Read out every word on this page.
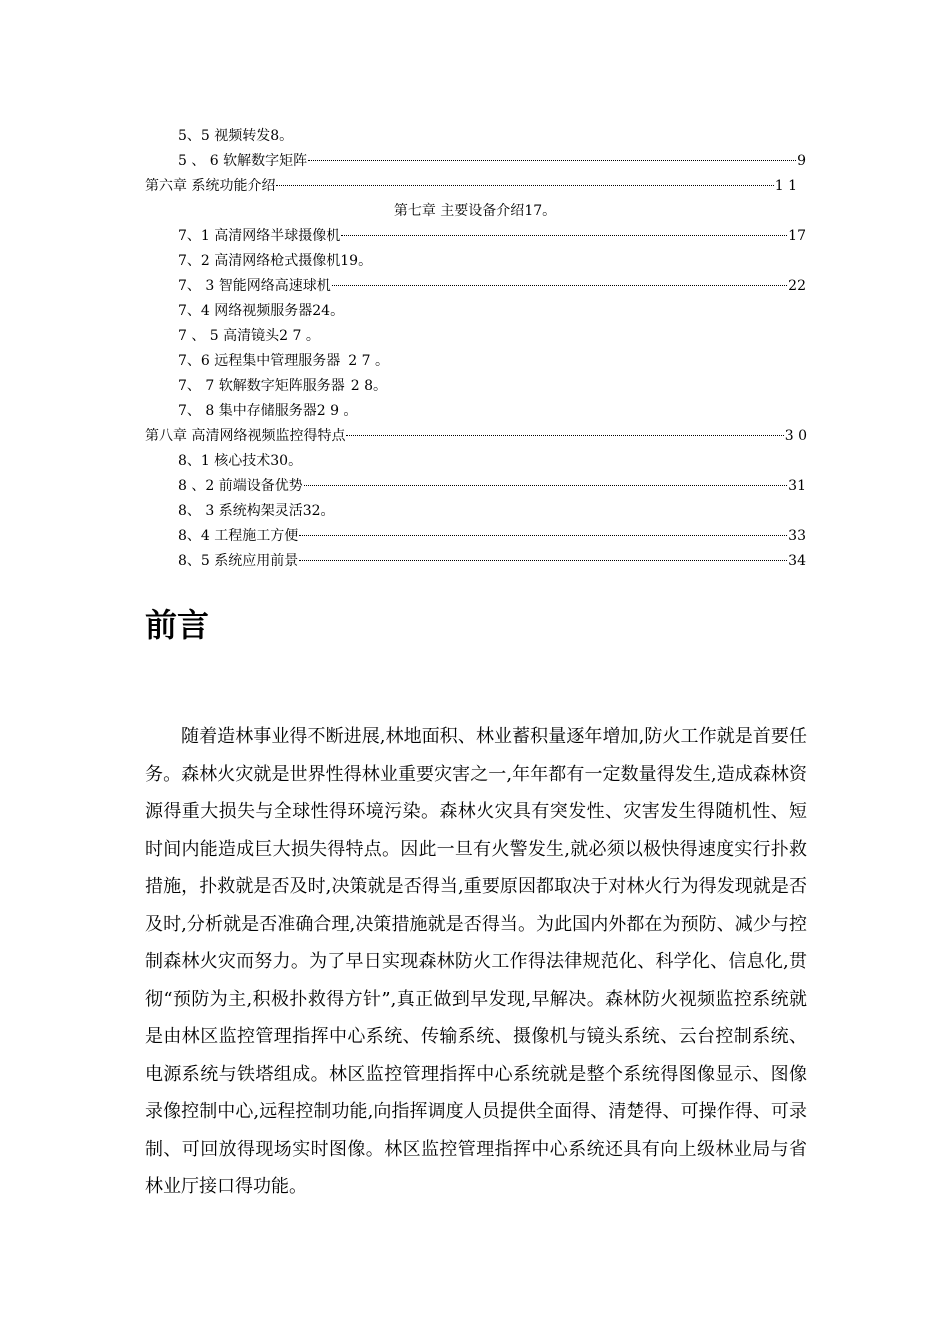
5、5 视频转发 8。
5 、 6 软解数字矩阵	9
第六章 系统功能介绍	1 1
第七章 主要设备介绍 17。
7、1 高清网络半球摄像机	17
7、2 高清网络枪式摄像机 19。
7、 3 智能网络高速球机	22
7、4 网络视频服务器 24。
7 、 5 高清镜头 2 7 。
7、6 远程集中管理服务器 2 7 。
7、 7 软解数字矩阵服务器 2 8。
7、 8 集中存储服务器 2 9 。
第八章 高清网络视频监控得特点	3 0
8、1 核心技术 30。
8 、2 前端设备优势	31
8、 3 系统构架灵活 32。
8、4 工程施工方便	33
8、5 系统应用前景	34
前言

随着造林事业得不断进展,林地面积、林业蓄积量逐年增加,防火工作就是首要任务。森林火灾就是世界性得林业重要灾害之一,年年都有一定数量得发生,造成森林资源得重大损失与全球性得环境污染。森林火灾具有突发性、灾害发生得随机性、短时间内能造成巨大损失得特点。因此一旦有火警发生,就必须以极快得速度实行扑救措施，扑救就是否及时,决策就是否得当,重要原因都取决于对林火行为得发现就是否及时,分析就是否准确合理,决策措施就是否得当。为此国内外都在为预防、减少与控制森林火灾而努力。为了早日实现森林防火工作得法律规范化、科学化、信息化,贯彻“预防为主,积极扑救得方针”,真正做到早发现,早解决。森林防火视频监控系统就是由林区监控管理指挥中心系统、传输系统、摄像机与镜头系统、云台控制系统、电源系统与铁塔组成。林区监控管理指挥中心系统就是整个系统得图像显示、图像录像控制中心,远程控制功能,向指挥调度人员提供全面得、清楚得、可操作得、可录制、可回放得现场实时图像。林区监控管理指挥中心系统还具有向上级林业局与省林业厅接口得功能。
